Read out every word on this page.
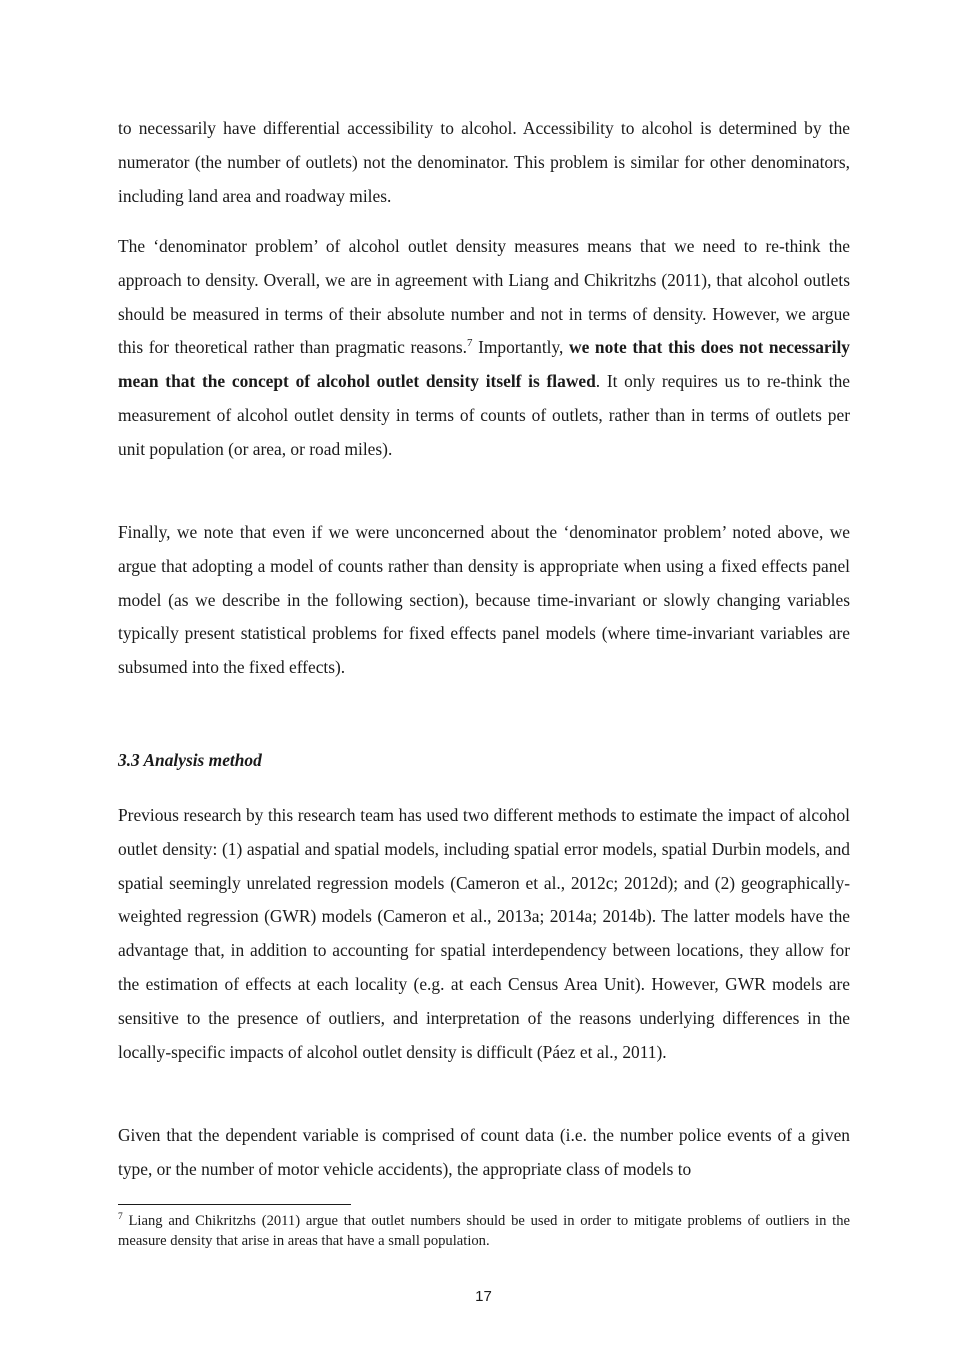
to necessarily have differential accessibility to alcohol. Accessibility to alcohol is determined by the numerator (the number of outlets) not the denominator. This problem is similar for other denominators, including land area and roadway miles.

The ‘denominator problem’ of alcohol outlet density measures means that we need to re-think the approach to density. Overall, we are in agreement with Liang and Chikritzhs (2011), that alcohol outlets should be measured in terms of their absolute number and not in terms of density. However, we argue this for theoretical rather than pragmatic reasons.$^7$ Importantly, we note that this does not necessarily mean that the concept of alcohol outlet density itself is flawed. It only requires us to re-think the measurement of alcohol outlet density in terms of counts of outlets, rather than in terms of outlets per unit population (or area, or road miles).

Finally, we note that even if we were unconcerned about the ‘denominator problem’ noted above, we argue that adopting a model of counts rather than density is appropriate when using a fixed effects panel model (as we describe in the following section), because time-invariant or slowly changing variables typically present statistical problems for fixed effects panel models (where time-invariant variables are subsumed into the fixed effects).

3.3 Analysis method

Previous research by this research team has used two different methods to estimate the impact of alcohol outlet density: (1) aspatial and spatial models, including spatial error models, spatial Durbin models, and spatial seemingly unrelated regression models (Cameron et al., 2012c; 2012d); and (2) geographically-weighted regression (GWR) models (Cameron et al., 2013a; 2014a; 2014b). The latter models have the advantage that, in addition to accounting for spatial interdependency between locations, they allow for the estimation of effects at each locality (e.g. at each Census Area Unit). However, GWR models are sensitive to the presence of outliers, and interpretation of the reasons underlying differences in the locally-specific impacts of alcohol outlet density is difficult (Páez et al., 2011).

Given that the dependent variable is comprised of count data (i.e. the number police events of a given type, or the number of motor vehicle accidents), the appropriate class of models to

$^7$ Liang and Chikritzhs (2011) argue that outlet numbers should be used in order to mitigate problems of outliers in the measure density that arise in areas that have a small population.

17
